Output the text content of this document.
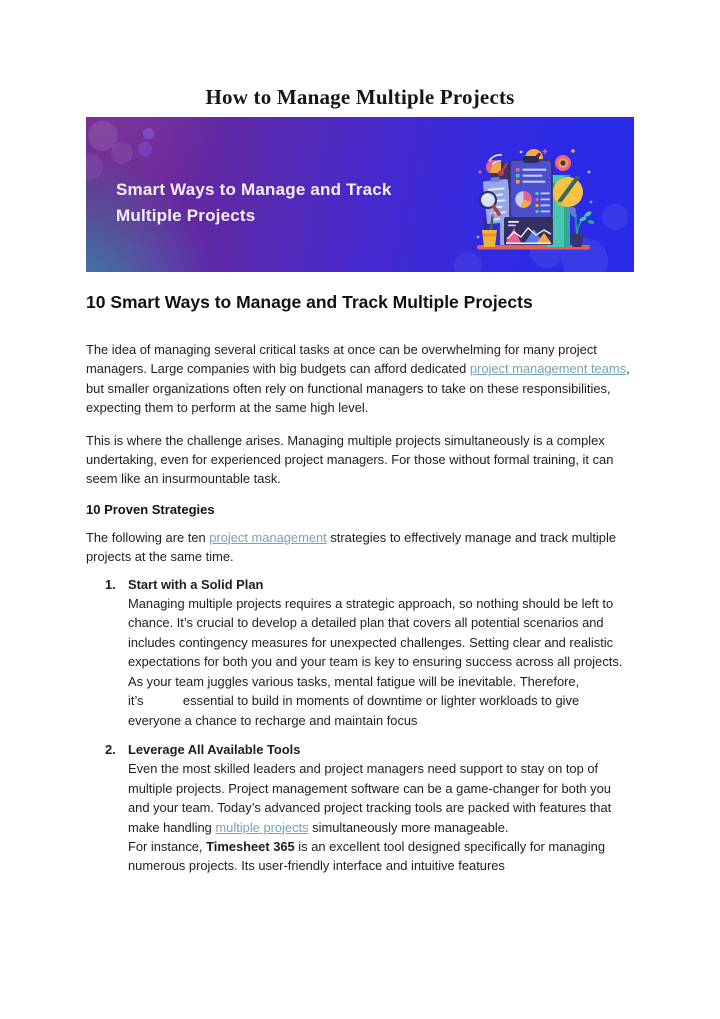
How to Manage Multiple Projects
Smart Ways to Manage and Track
Multiple Projects
10 Smart Ways to Manage and Track Multiple Projects

The idea of managing several critical tasks at once can be overwhelming for many project managers. Large companies with big budgets can afford dedicated project management teams, but smaller organizations often rely on functional managers to take on these responsibilities, expecting them to perform at the same high level.

This is where the challenge arises. Managing multiple projects simultaneously is a complex undertaking, even for experienced project managers. For those without formal training, it can seem like an insurmountable task.

10 Proven Strategies

The following are ten project management strategies to effectively manage and track multiple projects at the same time.

1. Start with a Solid Plan
Managing multiple projects requires a strategic approach, so nothing should be left to chance. It’s crucial to develop a detailed plan that covers all potential scenarios and includes contingency measures for unexpected challenges. Setting clear and realistic expectations for both you and your team is key to ensuring success across all projects. As your team juggles various tasks, mental fatigue will be inevitable. Therefore, it’s           essential to build in moments of downtime or lighter workloads to give everyone a chance to recharge and maintain focus
2. Leverage All Available Tools
Even the most skilled leaders and project managers need support to stay on top of multiple projects. Project management software can be a game-changer for both you and your team. Today’s advanced project tracking tools are packed with features that make handling multiple projects simultaneously more manageable.
For instance, Timesheet 365 is an excellent tool designed specifically for managing numerous projects. Its user-friendly interface and intuitive features
